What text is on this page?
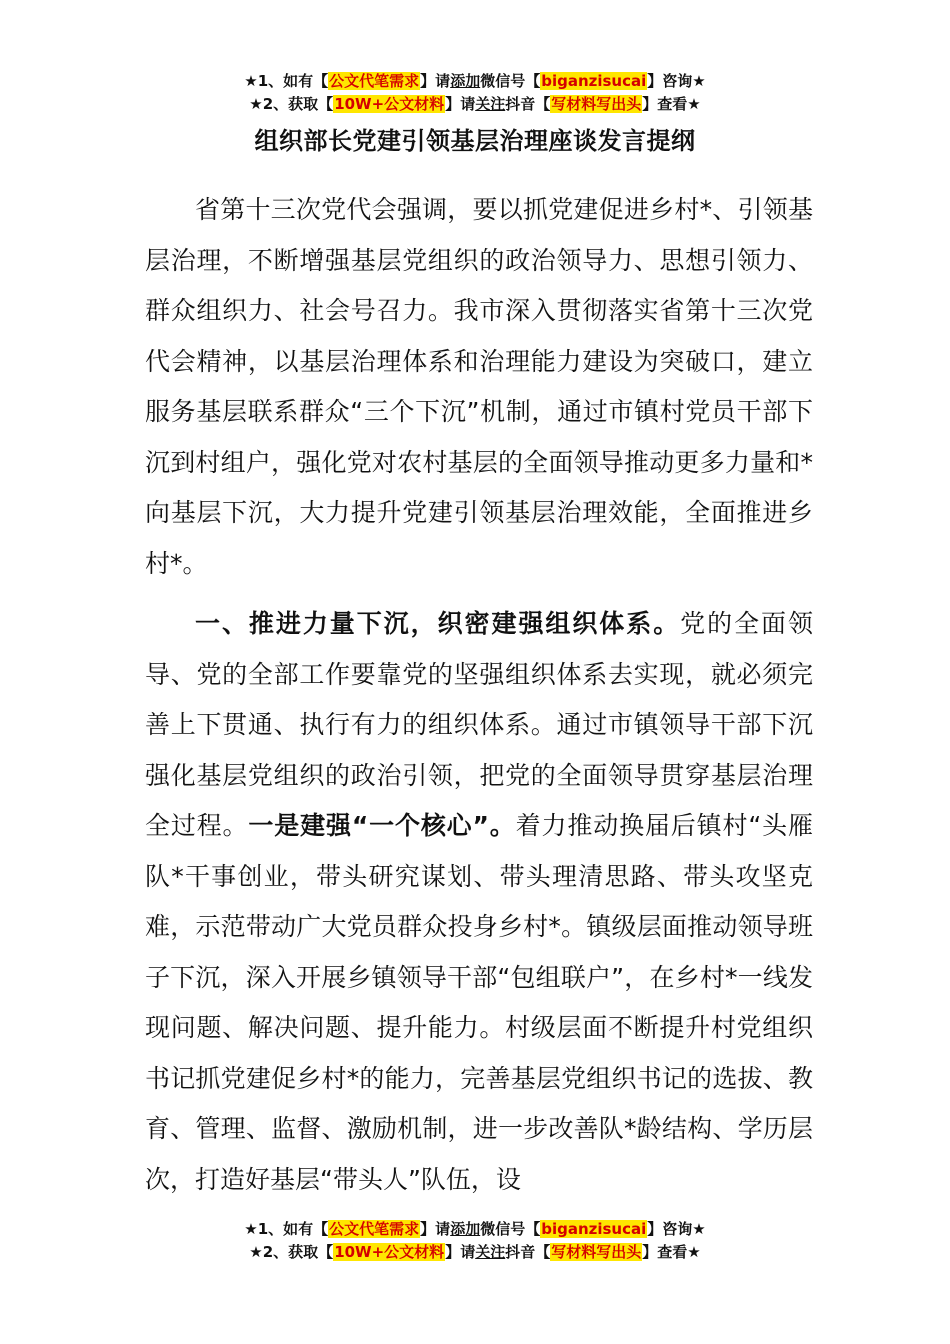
★1、如有【公文代笔需求】请添加微信号【biganzisucai】咨询★
★2、获取【10W+公文材料】请关注抖音【写材料写出头】查看★
组织部长党建引领基层治理座谈发言提纲

省第十三次党代会强调，要以抓党建促进乡村*、引领基层治理，不断增强基层党组织的政治领导力、思想引领力、群众组织力、社会号召力。我市深入贯彻落实省第十三次党代会精神，以基层治理体系和治理能力建设为突破口，建立服务基层联系群众“三个下沉”机制，通过市镇村党员干部下沉到村组户，强化党对农村基层的全面领导推动更多力量和*向基层下沉，大力提升党建引领基层治理效能，全面推进乡村*。

一、推进力量下沉，织密建强组织体系。党的全面领导、党的全部工作要靠党的坚强组织体系去实现，就必须完善上下贯通、执行有力的组织体系。通过市镇领导干部下沉强化基层党组织的政治引领，把党的全面领导贯穿基层治理全过程。一是建强“一个核心”。着力推动换届后镇村“头雁队*干事创业，带头研究谋划、带头理清思路、带头攻坚克难，示范带动广大党员群众投身乡村*。镇级层面推动领导班子下沉，深入开展乡镇领导干部“包组联户”，在乡村*一线发现问题、解决问题、提升能力。村级层面不断提升村党组织书记抓党建促乡村*的能力，完善基层党组织书记的选拔、教育、管理、监督、激励机制，进一步改善队*龄结构、学历层次，打造好基层“带头人”队伍，设

★1、如有【公文代笔需求】请添加微信号【biganzisucai】咨询★
★2、获取【10W+公文材料】请关注抖音【写材料写出头】查看★
